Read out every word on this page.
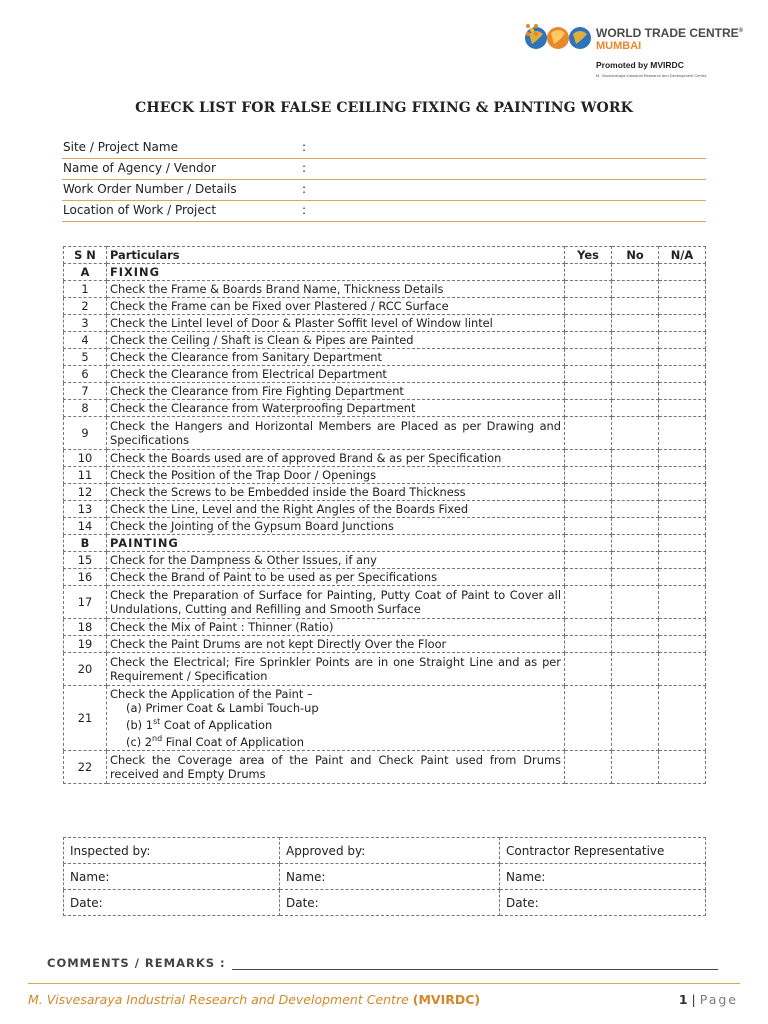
WORLD TRADE CENTRE®
MUMBAI
Promoted by MVIRDC
M. Visvesvaraya Industrial Research and Development Centre
CHECK LIST FOR FALSE CEILING FIXING & PAINTING WORK
Site / Project Name	:
Name of Agency / Vendor	:
Work Order Number / Details	:
Location of Work / Project	:
S N	Particulars	Yes	No	N/A
A	FIXING			
1	Check the Frame & Boards Brand Name, Thickness Details			
2	Check the Frame can be Fixed over Plastered / RCC Surface			
3	Check the Lintel level of Door & Plaster Soffit level of Window lintel			
4	Check the Ceiling / Shaft is Clean & Pipes are Painted			
5	Check the Clearance from Sanitary Department			
6	Check the Clearance from Electrical Department			
7	Check the Clearance from Fire Fighting Department			
8	Check the Clearance from Waterproofing Department			
9	Check the Hangers and Horizontal Members are Placed as per Drawing and Specifications			
10	Check the Boards used are of approved Brand & as per Specification			
11	Check the Position of the Trap Door / Openings			
12	Check the Screws to be Embedded inside the Board Thickness			
13	Check the Line, Level and the Right Angles of the Boards Fixed			
14	Check the Jointing of the Gypsum Board Junctions			
B	PAINTING			
15	Check for the Dampness & Other Issues, if any			
16	Check the Brand of Paint to be used as per Specifications			
17	Check the Preparation of Surface for Painting, Putty Coat of Paint to Cover all Undulations, Cutting and Refilling and Smooth Surface			
18	Check the Mix of Paint : Thinner (Ratio)			
19	Check the Paint Drums are not kept Directly Over the Floor			
20	Check the Electrical; Fire Sprinkler Points are in one Straight Line and as per Requirement / Specification			
21	Check the Application of the Paint –
(a) Primer Coat & Lambi Touch-up
(b) 1st Coat of Application
(c) 2nd Final Coat of Application			

22	Check the Coverage area of the Paint and Check Paint used from Drums received and Empty Drums			
Inspected by:	Approved by:	Contractor Representative
Name:	Name:	Name:
Date:	Date:	Date:
COMMENTS / REMARKS :
M. Visvesaraya Industrial Research and Development Centre (MVIRDC)	1 | Page
